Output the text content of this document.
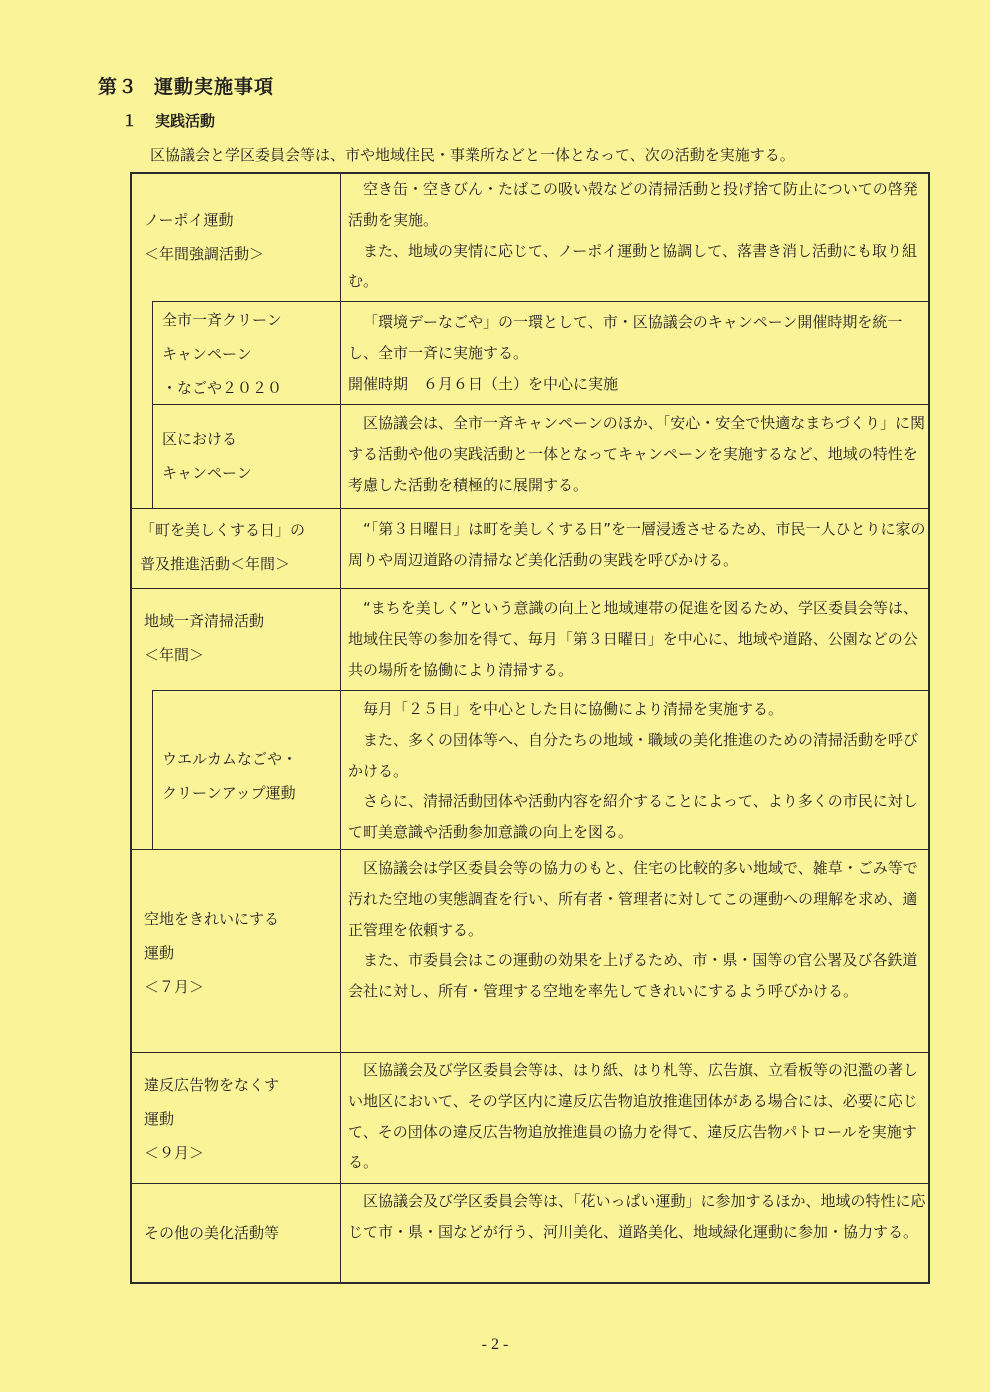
第３ 運動実施事項
１ 実践活動

区協議会と学区委員会等は、市や地域住民・事業所などと一体となって、次の活動を実施する。

ノーポイ運動
＜年間強調活動＞

空き缶・空きびん・たばこの吸い殻などの清掃活動と投げ捨て防止についての啓発活動を実施。

また、地域の実情に応じて、ノーポイ運動と協調して、落書き消し活動にも取り組む。

全市一斉クリーン
キャンペーン
・なごや２０２０

「環境デーなごや」の一環として、市・区協議会のキャンペーン開催時期を統一し、全市一斉に実施する。

開催時期　６月６日（土）を中心に実施

区における
キャンペーン

区協議会は、全市一斉キャンペーンのほか、「安心・安全で快適なまちづくり」に関する活動や他の実践活動と一体となってキャンペーンを実施するなど、地域の特性を考慮した活動を積極的に展開する。

「町を美しくする日」の
普及推進活動＜年間＞

“「第３日曜日」は町を美しくする日”を一層浸透させるため、市民一人ひとりに家の周りや周辺道路の清掃など美化活動の実践を呼びかける。

地域一斉清掃活動
＜年間＞

“まちを美しく”という意識の向上と地域連帯の促進を図るため、学区委員会等は、地域住民等の参加を得て、毎月「第３日曜日」を中心に、地域や道路、公園などの公共の場所を協働により清掃する。

ウエルカムなごや・
クリーンアップ運動

毎月「２５日」を中心とした日に協働により清掃を実施する。

また、多くの団体等へ、自分たちの地域・職域の美化推進のための清掃活動を呼びかける。

さらに、清掃活動団体や活動内容を紹介することによって、より多くの市民に対して町美意識や活動参加意識の向上を図る。

空地をきれいにする
運動
＜７月＞

区協議会は学区委員会等の協力のもと、住宅の比較的多い地域で、雑草・ごみ等で汚れた空地の実態調査を行い、所有者・管理者に対してこの運動への理解を求め、適正管理を依頼する。

また、市委員会はこの運動の効果を上げるため、市・県・国等の官公署及び各鉄道会社に対し、所有・管理する空地を率先してきれいにするよう呼びかける。

違反広告物をなくす
運動
＜９月＞

区協議会及び学区委員会等は、はり紙、はり札等、広告旗、立看板等の氾濫の著しい地区において、その学区内に違反広告物追放推進団体がある場合には、必要に応じて、その団体の違反広告物追放推進員の協力を得て、違反広告物パトロールを実施する。

その他の美化活動等

区協議会及び学区委員会等は、「花いっぱい運動」に参加するほか、地域の特性に応じて市・県・国などが行う、河川美化、道路美化、地域緑化運動に参加・協力する。

- 2 -
